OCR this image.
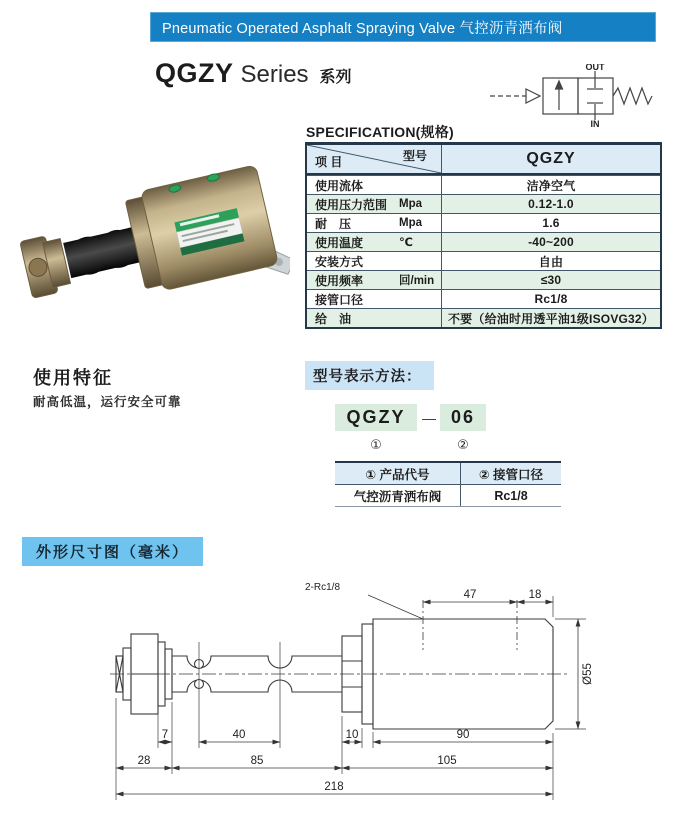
Pneumatic Operated Asphalt Spraying Valve 气控沥青洒布阀
QGZY Series 系列
OUT
IN
SPECIFICATION(规格)
型号
项 目	QGZY
使用流体	洁净空气
使用压力范围	Mpa	0.12-1.0
耐　压	Mpa	1.6
使用温度	℃	-40~200
安装方式	自由
使用频率	回/min	≤30
接管口径	Rc1/8
给　油	不要（给油时用透平油1级ISOVG32）
使用特征
耐高低温，运行安全可靠
型号表示方法：
QGZY	— 06
①	②
① 产品代号	② 接管口径
气控沥青洒布阀	Rc1/8
外形尺寸图（毫米）
2-Rc1/8
47	18
7	40	10	90
28	85	105
218
Ø55
